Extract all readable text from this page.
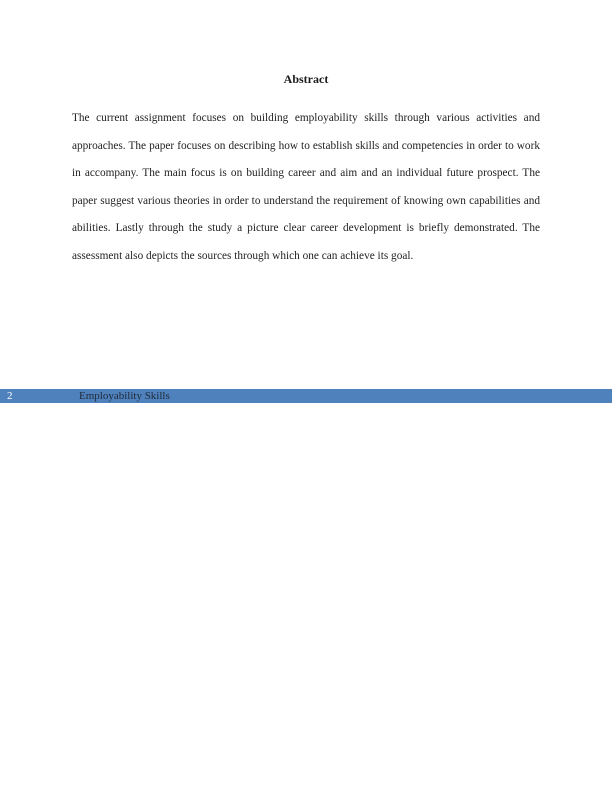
Abstract

The current assignment focuses on building employability skills through various activities and approaches. The paper focuses on describing how to establish skills and competencies in order to work in accompany. The main focus is on building career and aim and an individual future prospect. The paper suggest various theories in order to understand the requirement of knowing own capabilities and abilities. Lastly through the study a picture clear career development is briefly demonstrated. The assessment also depicts the sources through which one can achieve its goal.

2	Employability Skills
